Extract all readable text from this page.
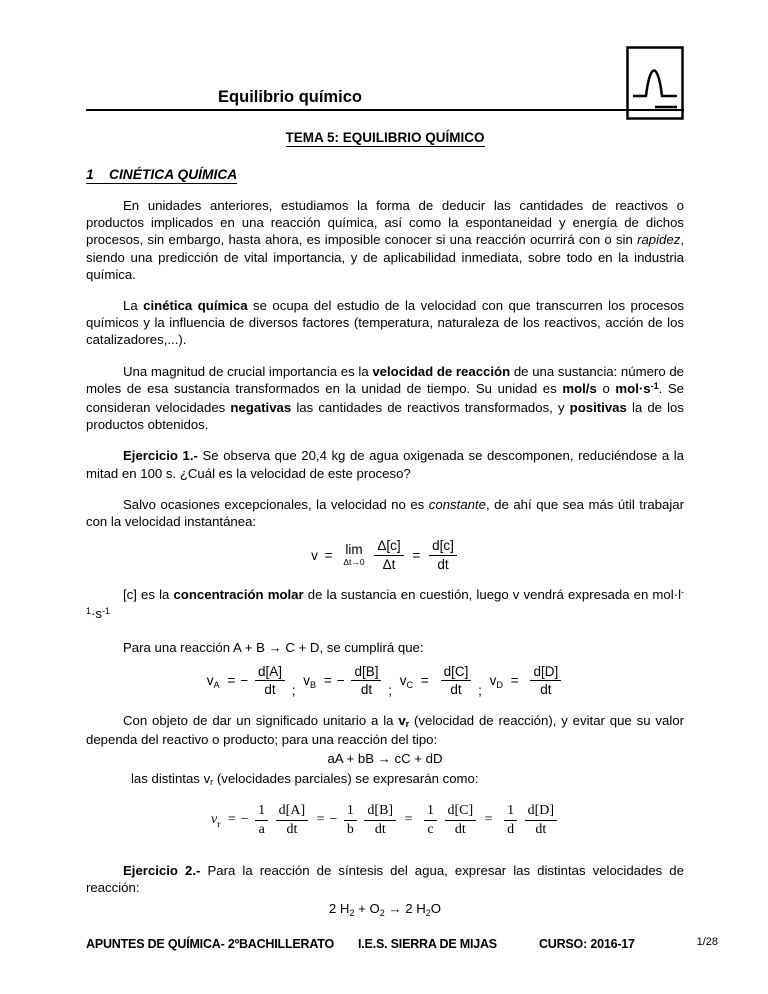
Equilibrio químico
TEMA 5: EQUILIBRIO QUÍMICO
1    CINÉTICA QUÍMICA

En unidades anteriores, estudiamos la forma de deducir las cantidades de reactivos o productos implicados en una reacción química, así como la espontaneidad y energía de dichos procesos, sin embargo, hasta ahora, es imposible conocer si una reacción ocurrirá con o sin rapidez, siendo una predicción de vital importancia, y de aplicabilidad inmediata, sobre todo en la industria química.

La cinética química se ocupa del estudio de la velocidad con que transcurren los procesos químicos y la influencia de diversos factores (temperatura, naturaleza de los reactivos, acción de los catalizadores,...).

Una magnitud de crucial importancia es la velocidad de reacción de una sustancia: número de moles de esa sustancia transformados en la unidad de tiempo. Su unidad es mol/s o $mol\cdot s^{-1}$. Se consideran velocidades negativas las cantidades de reactivos transformados, y positivas la de los productos obtenidos.

Ejercicio 1.- Se observa que 20,4 kg de agua oxigenada se descomponen, reduciéndose a la mitad en 100 s. ¿Cuál es la velocidad de este proceso?

Salvo ocasiones excepcionales, la velocidad no es constante, de ahí que sea más útil trabajar con la velocidad instantánea:

v = lim
Δt→0
$\frac{\Delta[c]}{\Delta t} = \frac{d[c]}{dt}$

[c] es la concentración molar de la sustancia en cuestión, luego v vendrá expresada en $mol\cdot l^{-1}\cdot s^{-1}$

Para una reacción A + B → C + D, se cumplirá que:

vA = − $\frac{d[A]}{dt}$ ; vB = − $\frac{d[B]}{dt}$ ; vC = $\frac{d[C]}{dt}$ ; vD = $\frac{d[D]}{dt}$

Con objeto de dar un significado unitario a la vr (velocidad de reacción), y evitar que su valor dependa del reactivo o producto; para una reacción del tipo:

aA + bB → cC + dD

las distintas vr (velocidades parciales) se expresarán como:

vr = − $\frac{1}{a}$
$\frac{d[A]}{dt}$ = − $\frac{1}{b}$
$\frac{d[B]}{dt} = \frac{1}{c}$
$\frac{d[C]}{dt} = \frac{1}{d}$
$\frac{d[D]}{dt}$

Ejercicio 2.- Para la reacción de síntesis del agua, expresar las distintas velocidades de reacción:

2 H2 + O2 → 2 H2O

APUNTES DE QUÍMICA- 2ºBACHILLERATO I.E.S. SIERRA DE MIJAS	CURSO: 2016-17	1/28
